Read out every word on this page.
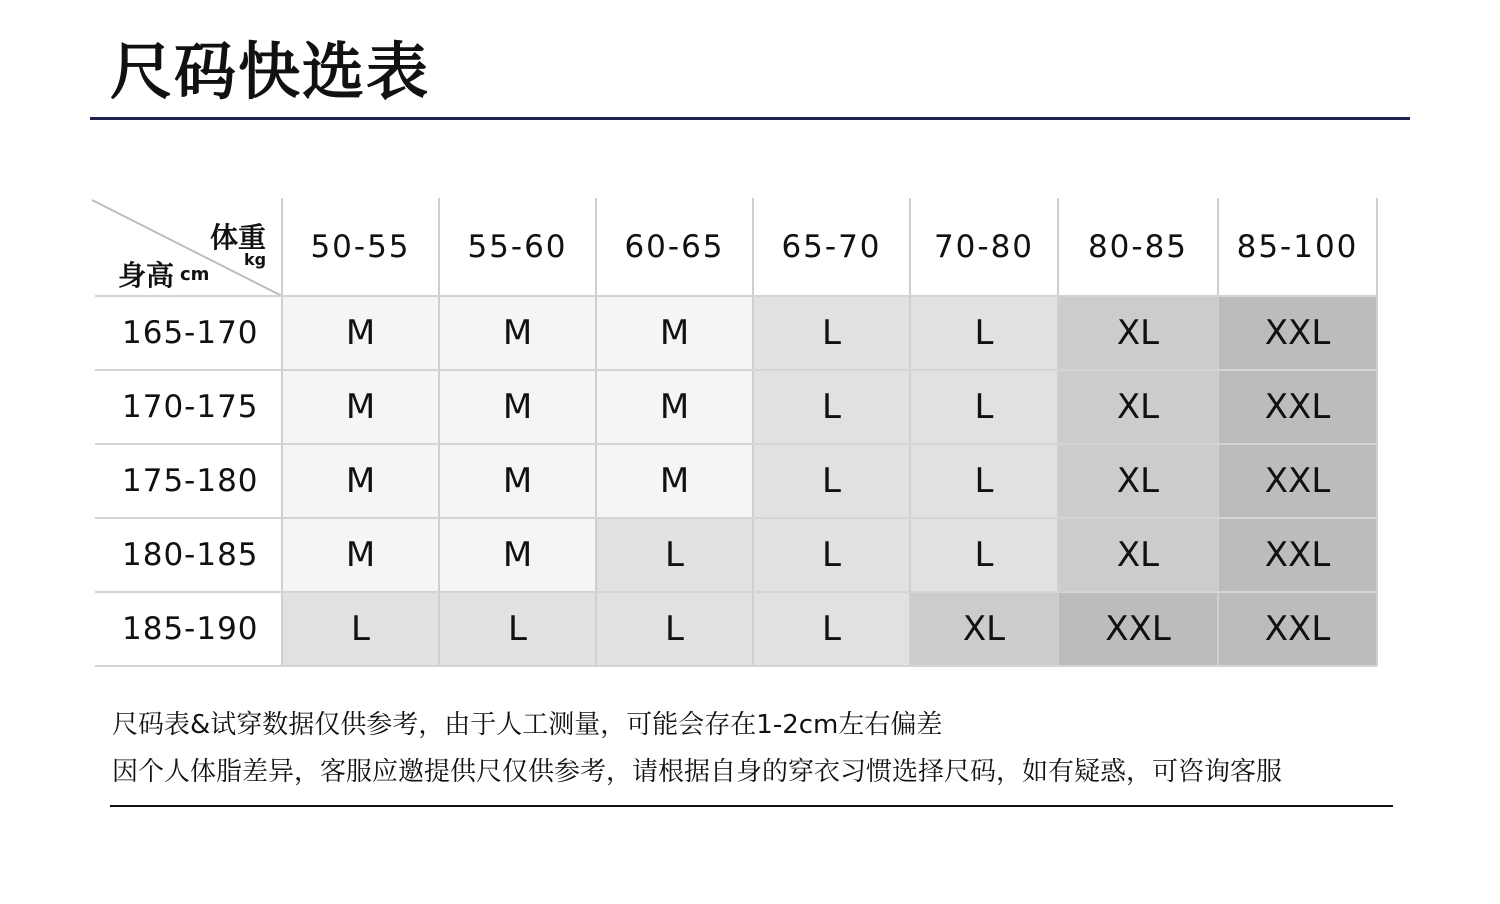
尺码快选表
体重
kg
身高 cm
50-55	55-60	60-65	65-70	70-80	80-85	85-100
165-170	M	M	M	L	L	XL	XXL
170-175	M	M	M	L	L	XL	XXL
175-180	M	M	M	L	L	XL	XXL
180-185	M	M	L	L	L	XL	XXL
185-190	L	L	L	L	XL	XXL	XXL
尺码表&试穿数据仅供参考，由于人工测量，可能会存在1-2cm左右偏差
因个人体脂差异，客服应邀提供尺仅供参考，请根据自身的穿衣习惯选择尺码，如有疑惑，可咨询客服
